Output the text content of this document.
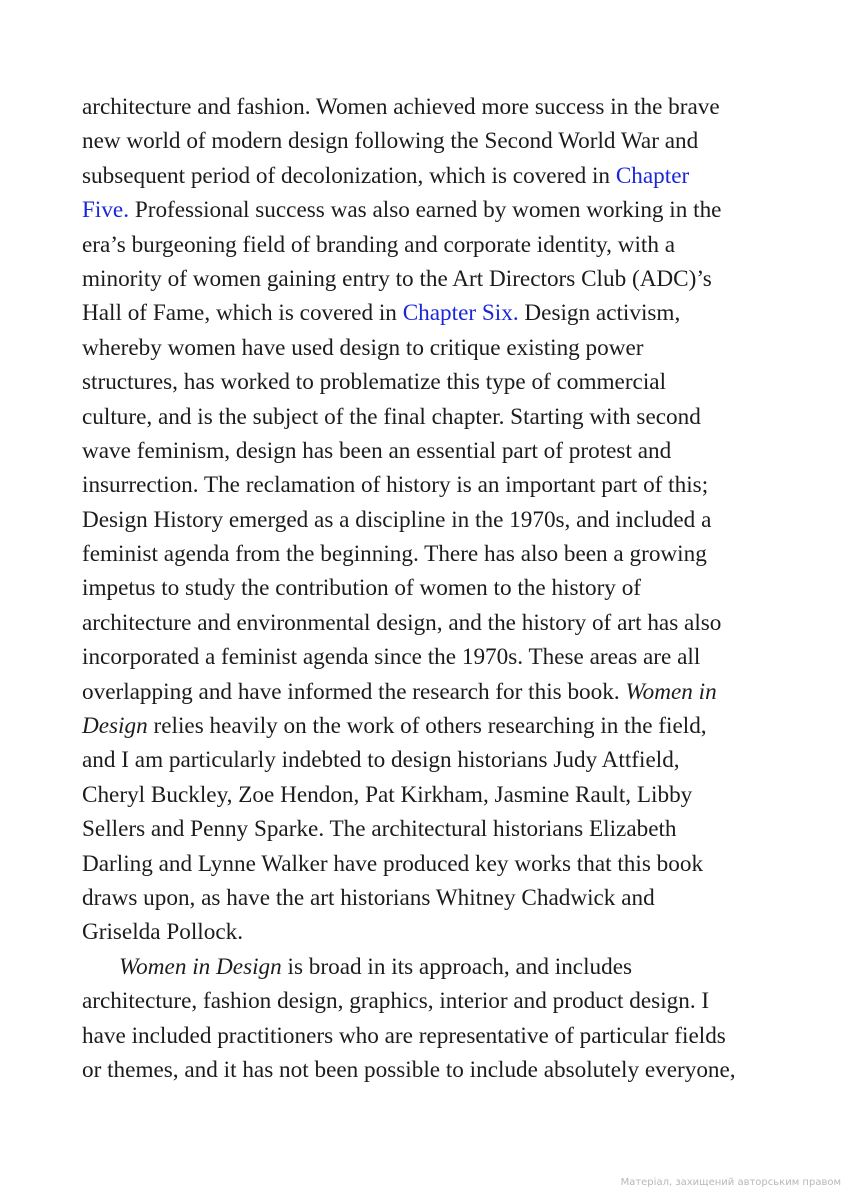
architecture and fashion. Women achieved more success in the brave
new world of modern design following the Second World War and
subsequent period of decolonization, which is covered in Chapter
Five. Professional success was also earned by women working in the
era’s burgeoning field of branding and corporate identity, with a
minority of women gaining entry to the Art Directors Club (ADC)’s
Hall of Fame, which is covered in Chapter Six. Design activism,
whereby women have used design to critique existing power
structures, has worked to problematize this type of commercial
culture, and is the subject of the final chapter. Starting with second
wave feminism, design has been an essential part of protest and
insurrection. The reclamation of history is an important part of this;
Design History emerged as a discipline in the 1970s, and included a
feminist agenda from the beginning. There has also been a growing
impetus to study the contribution of women to the history of
architecture and environmental design, and the history of art has also
incorporated a feminist agenda since the 1970s. These areas are all
overlapping and have informed the research for this book. Women in
Design relies heavily on the work of others researching in the field,
and I am particularly indebted to design historians Judy Attfield,
Cheryl Buckley, Zoe Hendon, Pat Kirkham, Jasmine Rault, Libby
Sellers and Penny Sparke. The architectural historians Elizabeth
Darling and Lynne Walker have produced key works that this book
draws upon, as have the art historians Whitney Chadwick and
Griselda Pollock.
Women in Design is broad in its approach, and includes
architecture, fashion design, graphics, interior and product design. I
have included practitioners who are representative of particular fields
or themes, and it has not been possible to include absolutely everyone,
Матеріал, захищений авторським правом
